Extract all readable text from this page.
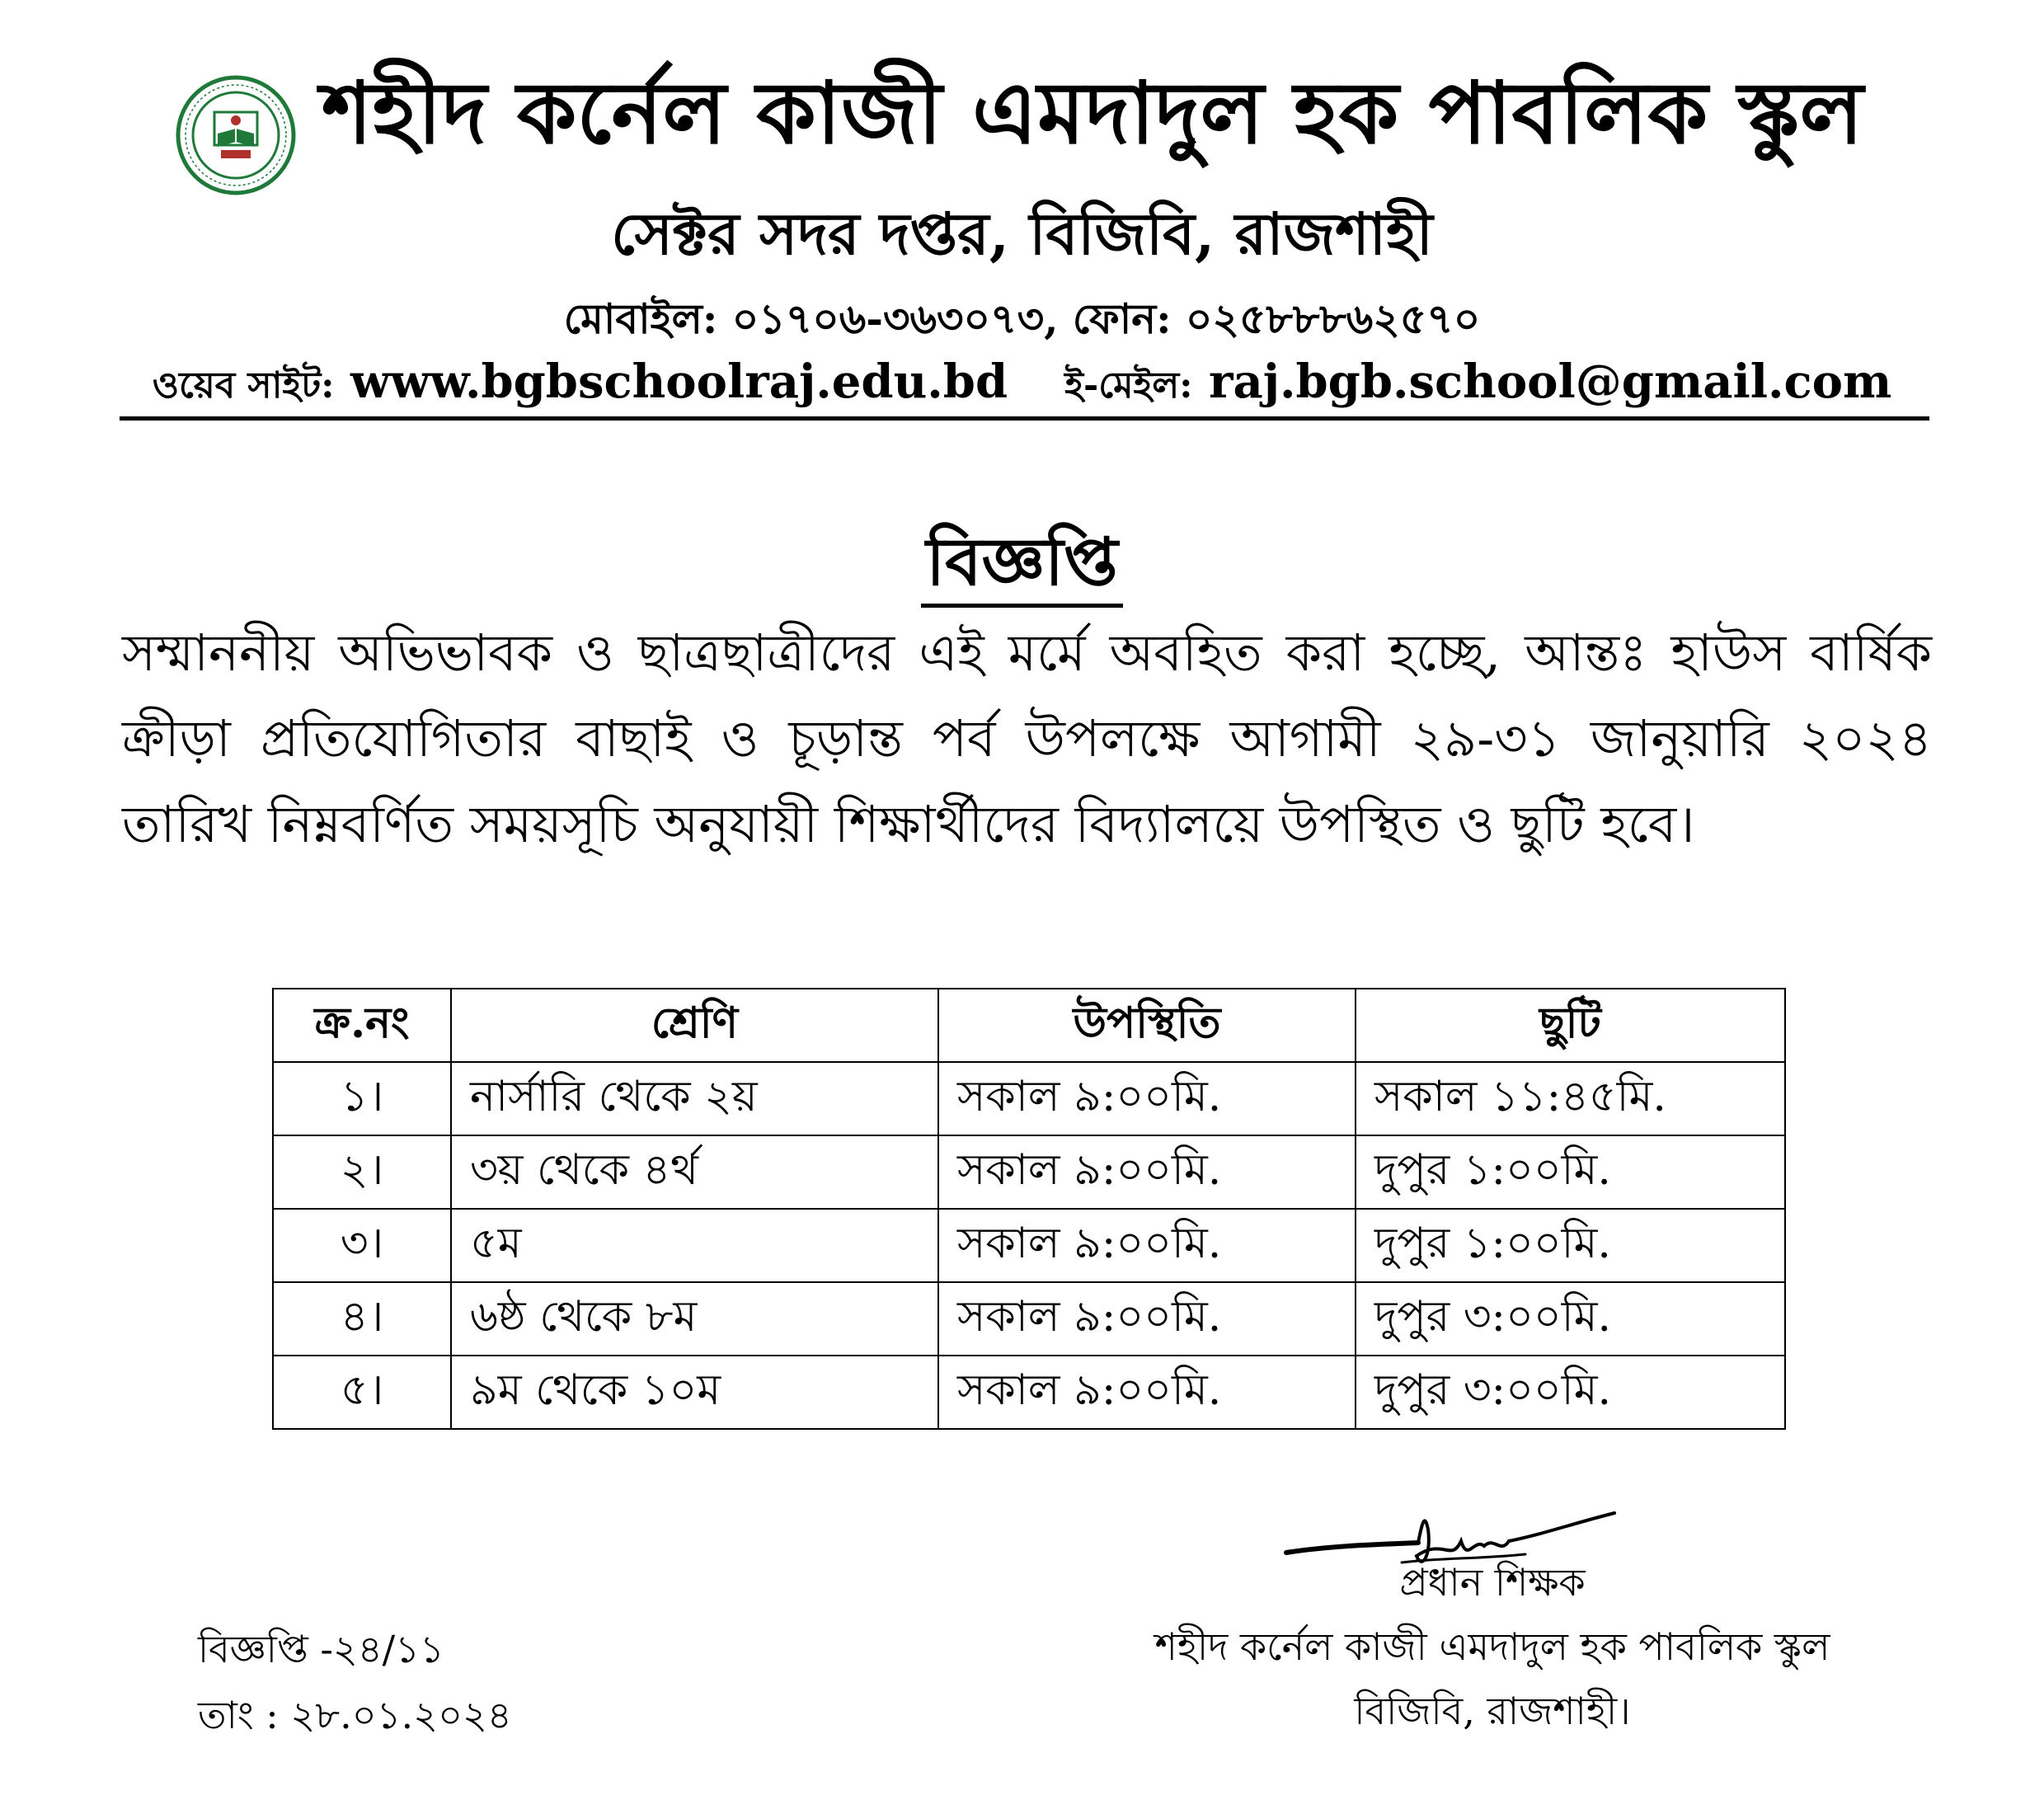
শহীদ কর্নেল কাজী এমদাদুল হক পাবলিক স্কুল
সেক্টর সদর দপ্তর, বিজিবি, রাজশাহী
মোবাইল: ০১৭০৬-৩৬৩০৭৩, ফোন: ০২৫৮৮৮৬২৫৭০
ওয়েব সাইট: www.bgbschoolraj.edu.bd ই-মেইল: raj.bgb.school@gmail.com
বিজ্ঞপ্তি
সম্মাননীয় অভিভাবক ও ছাত্রছাত্রীদের এই মর্মে অবহিত করা হচ্ছে, আন্তঃ হাউস বার্ষিক ক্রীড়া প্রতিযোগিতার বাছাই ও চূড়ান্ত পর্ব উপলক্ষে আগামী ২৯-৩১ জানুয়ারি ২০২৪ তারিখ নিম্নবর্ণিত সময়সূচি অনুযায়ী শিক্ষার্থীদের বিদ্যালয়ে উপস্থিত ও ছুটি হবে।
ক্র.নং	শ্রেণি	উপস্থিতি	ছুটি
১।	নার্সারি থেকে ২য়	সকাল ৯:০০মি.	সকাল ১১:৪৫মি.
২।	৩য় থেকে ৪র্থ	সকাল ৯:০০মি.	দুপুর ১:০০মি.
৩।	৫ম	সকাল ৯:০০মি.	দুপুর ১:০০মি.
৪।	৬ষ্ঠ থেকে ৮ম	সকাল ৯:০০মি.	দুপুর ৩:০০মি.
৫।	৯ম থেকে ১০ম	সকাল ৯:০০মি.	দুপুর ৩:০০মি.
বিজ্ঞপ্তি -২৪/১১
তাং : ২৮.০১.২০২৪
প্রধান শিক্ষক
শহীদ কর্নেল কাজী এমদাদুল হক পাবলিক স্কুল
বিজিবি, রাজশাহী।
